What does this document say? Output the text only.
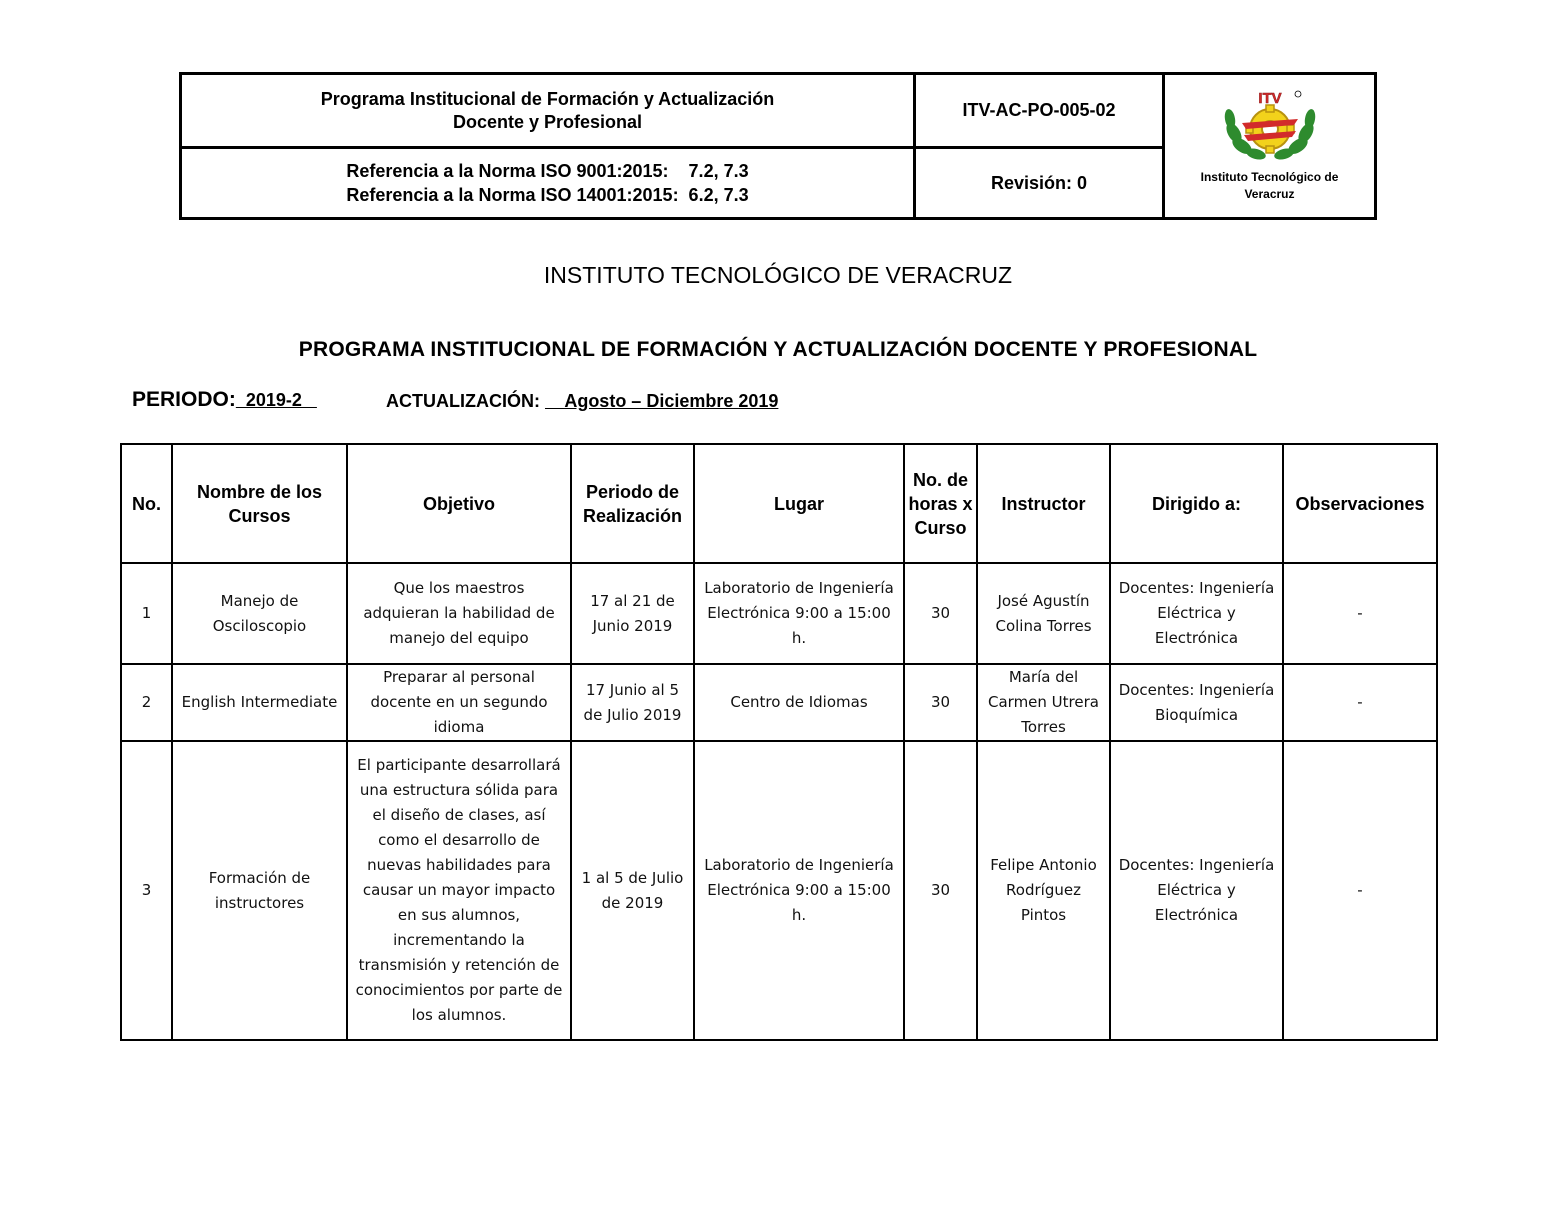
Programa Institucional de Formación y Actualización
Docente y Profesional
Referencia a la Norma ISO 9001:2015:    7.2, 7.3
Referencia a la Norma ISO 14001:2015:  6.2, 7.3
ITV-AC-PO-005-02
Revisión: 0
ITV
Instituto Tecnológico de
Veracruz
INSTITUTO TECNOLÓGICO DE VERACRUZ
PROGRAMA INSTITUCIONAL DE FORMACIÓN Y ACTUALIZACIÓN DOCENTE Y PROFESIONAL
PERIODO:  2019-2	ACTUALIZACIÓN:     Agosto – Diciembre 2019
No.	Nombre de los Cursos	Objetivo	Periodo de Realización	Lugar	No. de horas x Curso	Instructor	Dirigido a:	Observaciones
1	Manejo de Osciloscopio	Que los maestros adquieran la habilidad de manejo del equipo	17 al 21 de Junio 2019	Laboratorio de Ingeniería Electrónica 9:00 a 15:00 h.	30	José Agustín Colina Torres	Docentes: Ingeniería Eléctrica y Electrónica	-
2	English Intermediate	Preparar al personal docente en un segundo idioma	17 Junio al 5 de Julio 2019	Centro de Idiomas	30	María del Carmen Utrera Torres	Docentes: Ingeniería Bioquímica	-
3	Formación de instructores	El participante desarrollará una estructura sólida para el diseño de clases, así como el desarrollo de nuevas habilidades para causar un mayor impacto en sus alumnos, incrementando la transmisión y retención de conocimientos por parte de los alumnos.	1 al 5 de Julio de 2019	Laboratorio de Ingeniería Electrónica 9:00 a 15:00 h.	30	Felipe Antonio Rodríguez Pintos	Docentes: Ingeniería Eléctrica y Electrónica	-
